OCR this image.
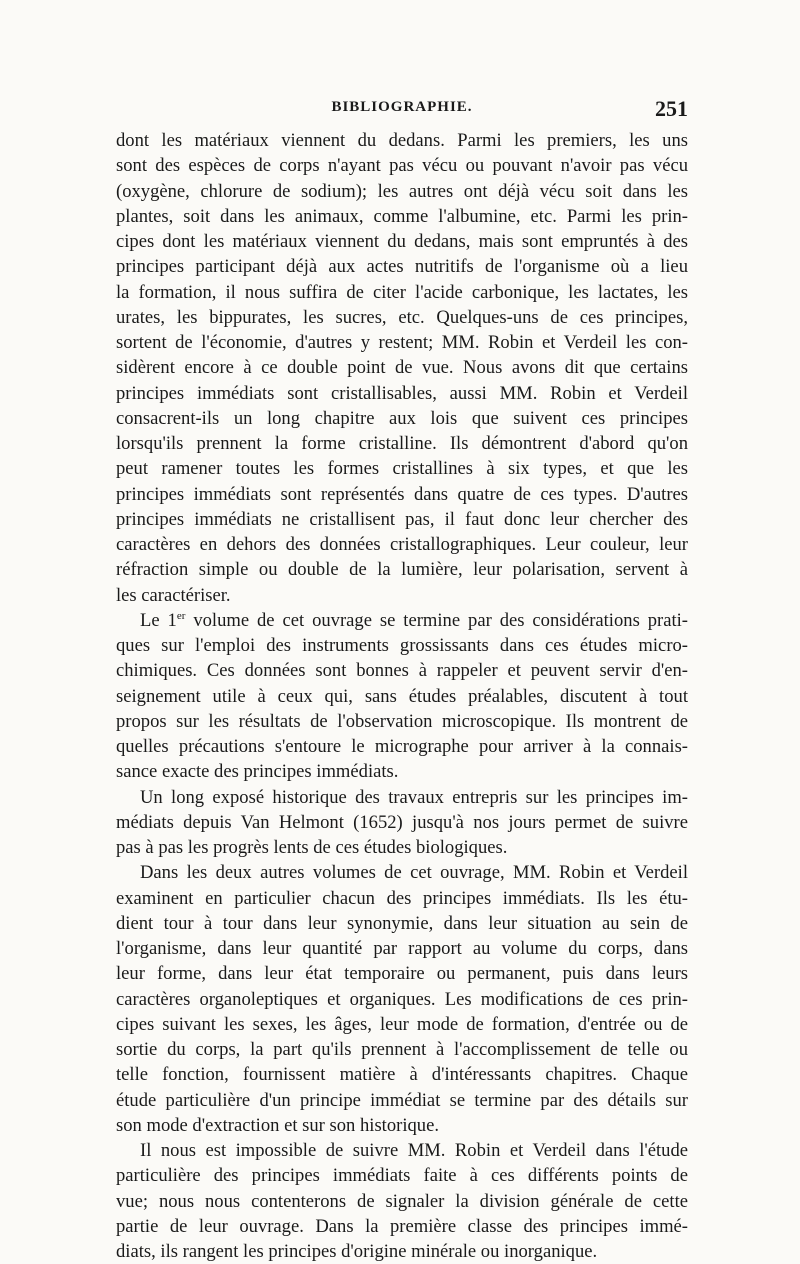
BIBLIOGRAPHIE.	251
dont les matériaux viennent du dedans. Parmi les premiers, les uns
sont des espèces de corps n'ayant pas vécu ou pouvant n'avoir pas vécu
(oxygène, chlorure de sodium); les autres ont déjà vécu soit dans les
plantes, soit dans les animaux, comme l'albumine, etc. Parmi les prin-
cipes dont les matériaux viennent du dedans, mais sont empruntés à des
principes participant déjà aux actes nutritifs de l'organisme où a lieu
la formation, il nous suffira de citer l'acide carbonique, les lactates, les
urates, les bippurates, les sucres, etc. Quelques-uns de ces principes,
sortent de l'économie, d'autres y restent; MM. Robin et Verdeil les con-
sidèrent encore à ce double point de vue. Nous avons dit que certains
principes immédiats sont cristallisables, aussi MM. Robin et Verdeil
consacrent-ils un long chapitre aux lois que suivent ces principes
lorsqu'ils prennent la forme cristalline. Ils démontrent d'abord qu'on
peut ramener toutes les formes cristallines à six types, et que les
principes immédiats sont représentés dans quatre de ces types. D'autres
principes immédiats ne cristallisent pas, il faut donc leur chercher des
caractères en dehors des données cristallographiques. Leur couleur, leur
réfraction simple ou double de la lumière, leur polarisation, servent à
les caractériser.
Le 1er volume de cet ouvrage se termine par des considérations prati-
ques sur l'emploi des instruments grossissants dans ces études micro-
chimiques. Ces données sont bonnes à rappeler et peuvent servir d'en-
seignement utile à ceux qui, sans études préalables, discutent à tout
propos sur les résultats de l'observation microscopique. Ils montrent de
quelles précautions s'entoure le micrographe pour arriver à la connais-
sance exacte des principes immédiats.
Un long exposé historique des travaux entrepris sur les principes im-
médiats depuis Van Helmont (1652) jusqu'à nos jours permet de suivre
pas à pas les progrès lents de ces études biologiques.
Dans les deux autres volumes de cet ouvrage, MM. Robin et Verdeil
examinent en particulier chacun des principes immédiats. Ils les étu-
dient tour à tour dans leur synonymie, dans leur situation au sein de
l'organisme, dans leur quantité par rapport au volume du corps, dans
leur forme, dans leur état temporaire ou permanent, puis dans leurs
caractères organoleptiques et organiques. Les modifications de ces prin-
cipes suivant les sexes, les âges, leur mode de formation, d'entrée ou de
sortie du corps, la part qu'ils prennent à l'accomplissement de telle ou
telle fonction, fournissent matière à d'intéressants chapitres. Chaque
étude particulière d'un principe immédiat se termine par des détails sur
son mode d'extraction et sur son historique.
Il nous est impossible de suivre MM. Robin et Verdeil dans l'étude
particulière des principes immédiats faite à ces différents points de
vue; nous nous contenterons de signaler la division générale de cette
partie de leur ouvrage. Dans la première classe des principes immé-
diats, ils rangent les principes d'origine minérale ou inorganique.
